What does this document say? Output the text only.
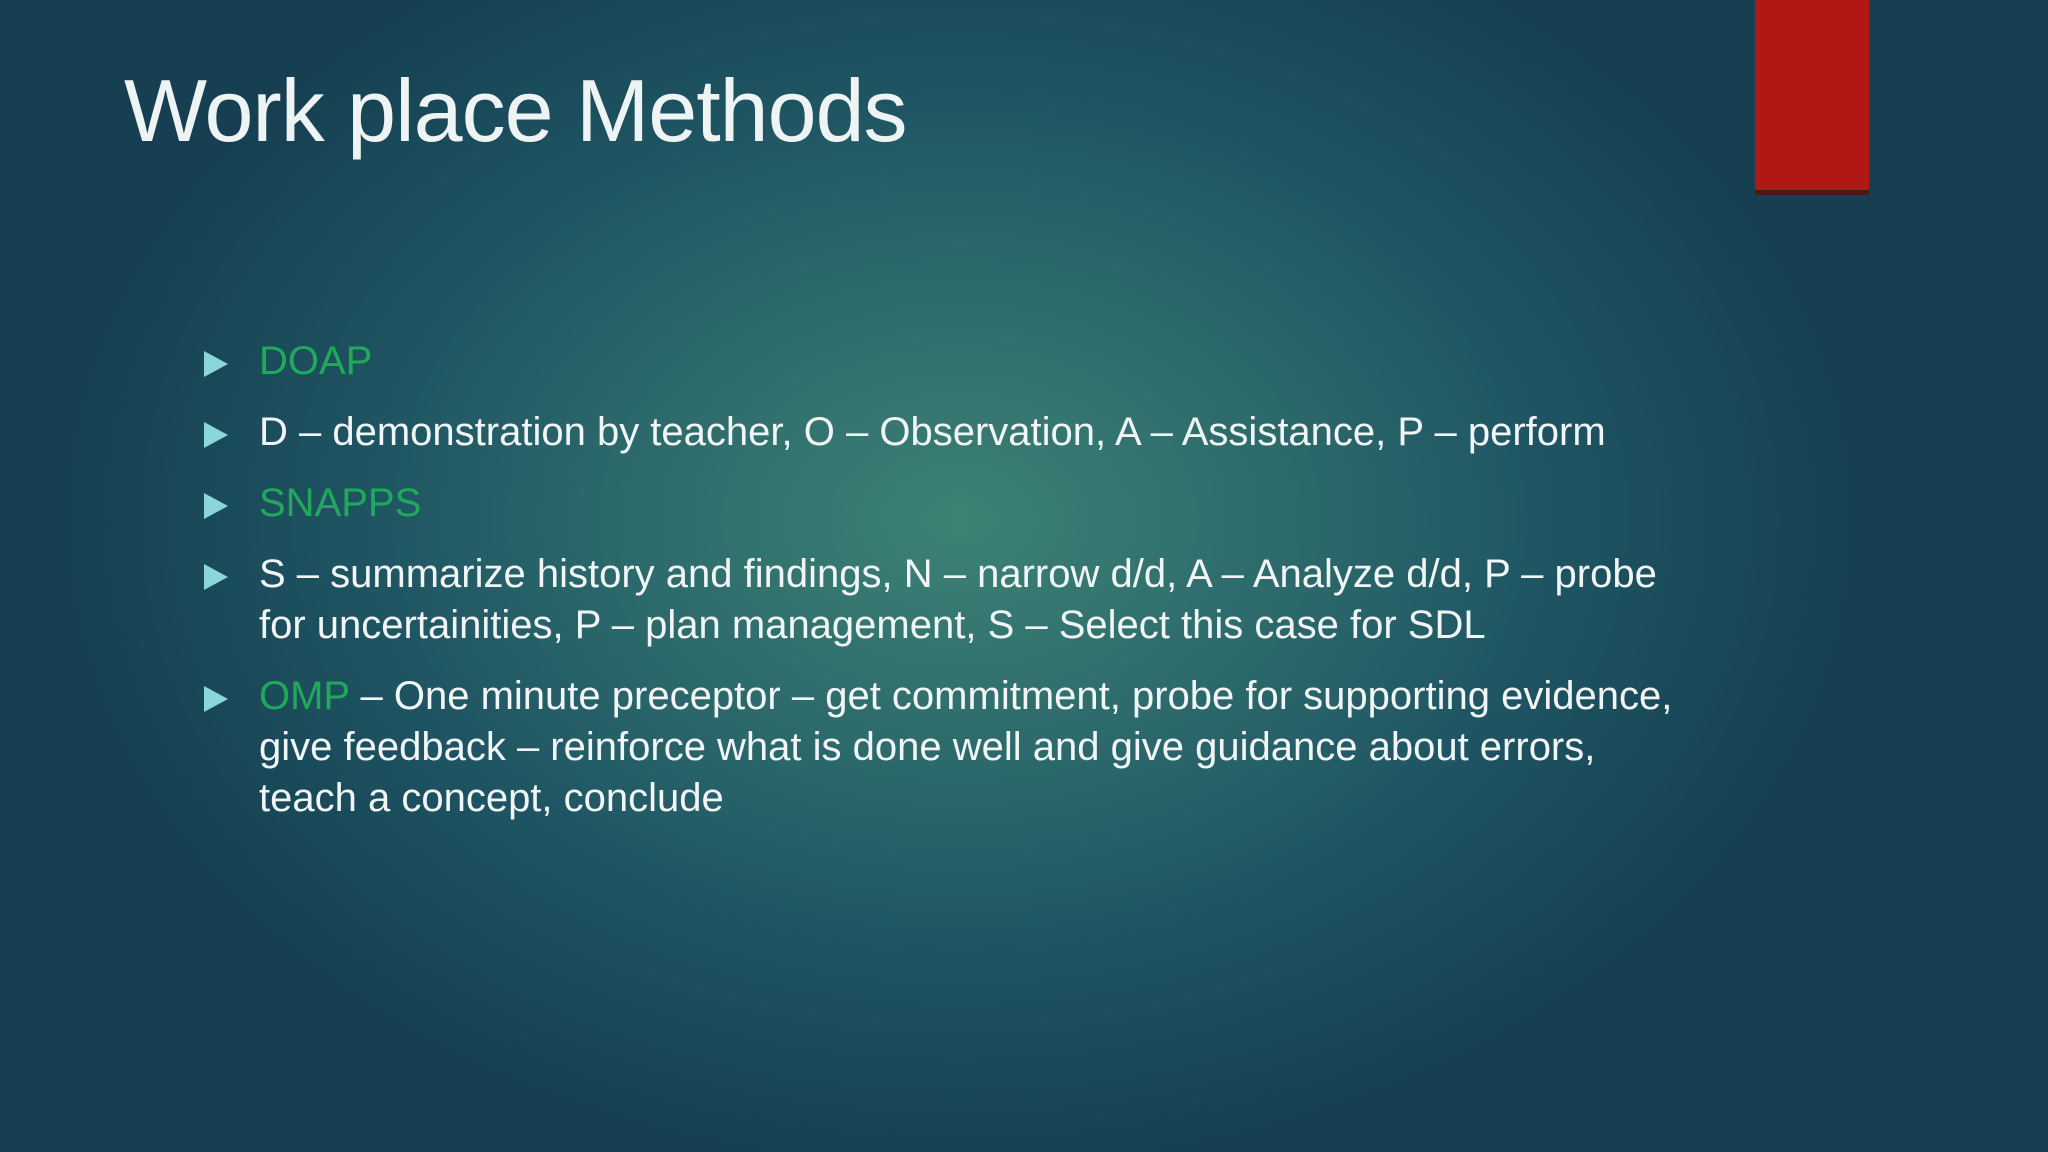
Work place Methods
DOAP
D – demonstration by teacher, O – Observation, A – Assistance, P – perform
SNAPPS
S – summarize history and findings, N – narrow d/d, A – Analyze d/d, P – probe for uncertainities, P – plan management, S – Select this case for SDL
OMP – One minute preceptor – get commitment, probe for supporting evidence, give feedback – reinforce what is done well and give guidance about errors, teach a concept, conclude
